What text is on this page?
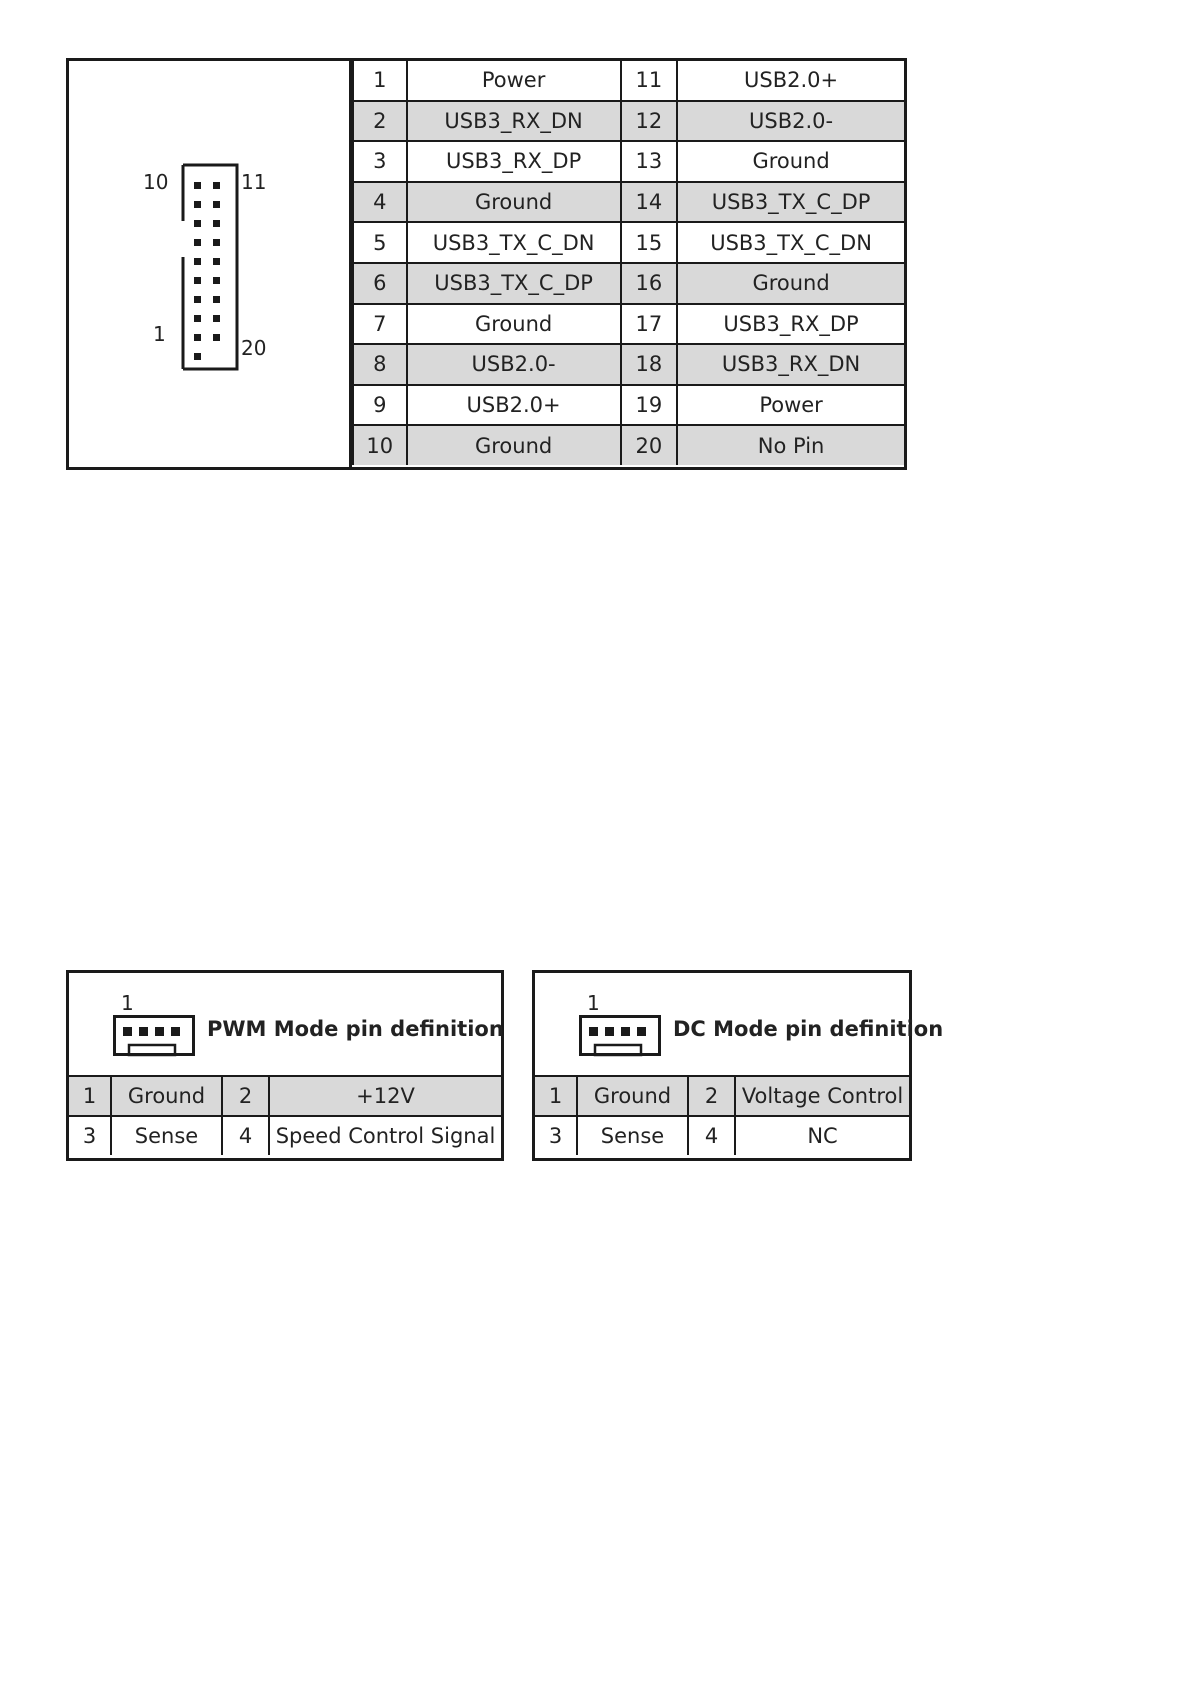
10	11
1
20
1	Power	11	USB2.0+
2	USB3_RX_DN	12	USB2.0-
3	USB3_RX_DP	13	Ground
4	Ground	14	USB3_TX_C_DP
5	USB3_TX_C_DN	15	USB3_TX_C_DN
6	USB3_TX_C_DP	16	Ground
7	Ground	17	USB3_RX_DP
8	USB2.0-	18	USB3_RX_DN
9	USB2.0+	19	Power
10	Ground	20	No Pin
1
PWM Mode pin definition
1	Ground	2	+12V
3	Sense	4	Speed Control Signal
1
DC Mode pin definition
1	Ground	2	Voltage Control
3	Sense	4	NC
